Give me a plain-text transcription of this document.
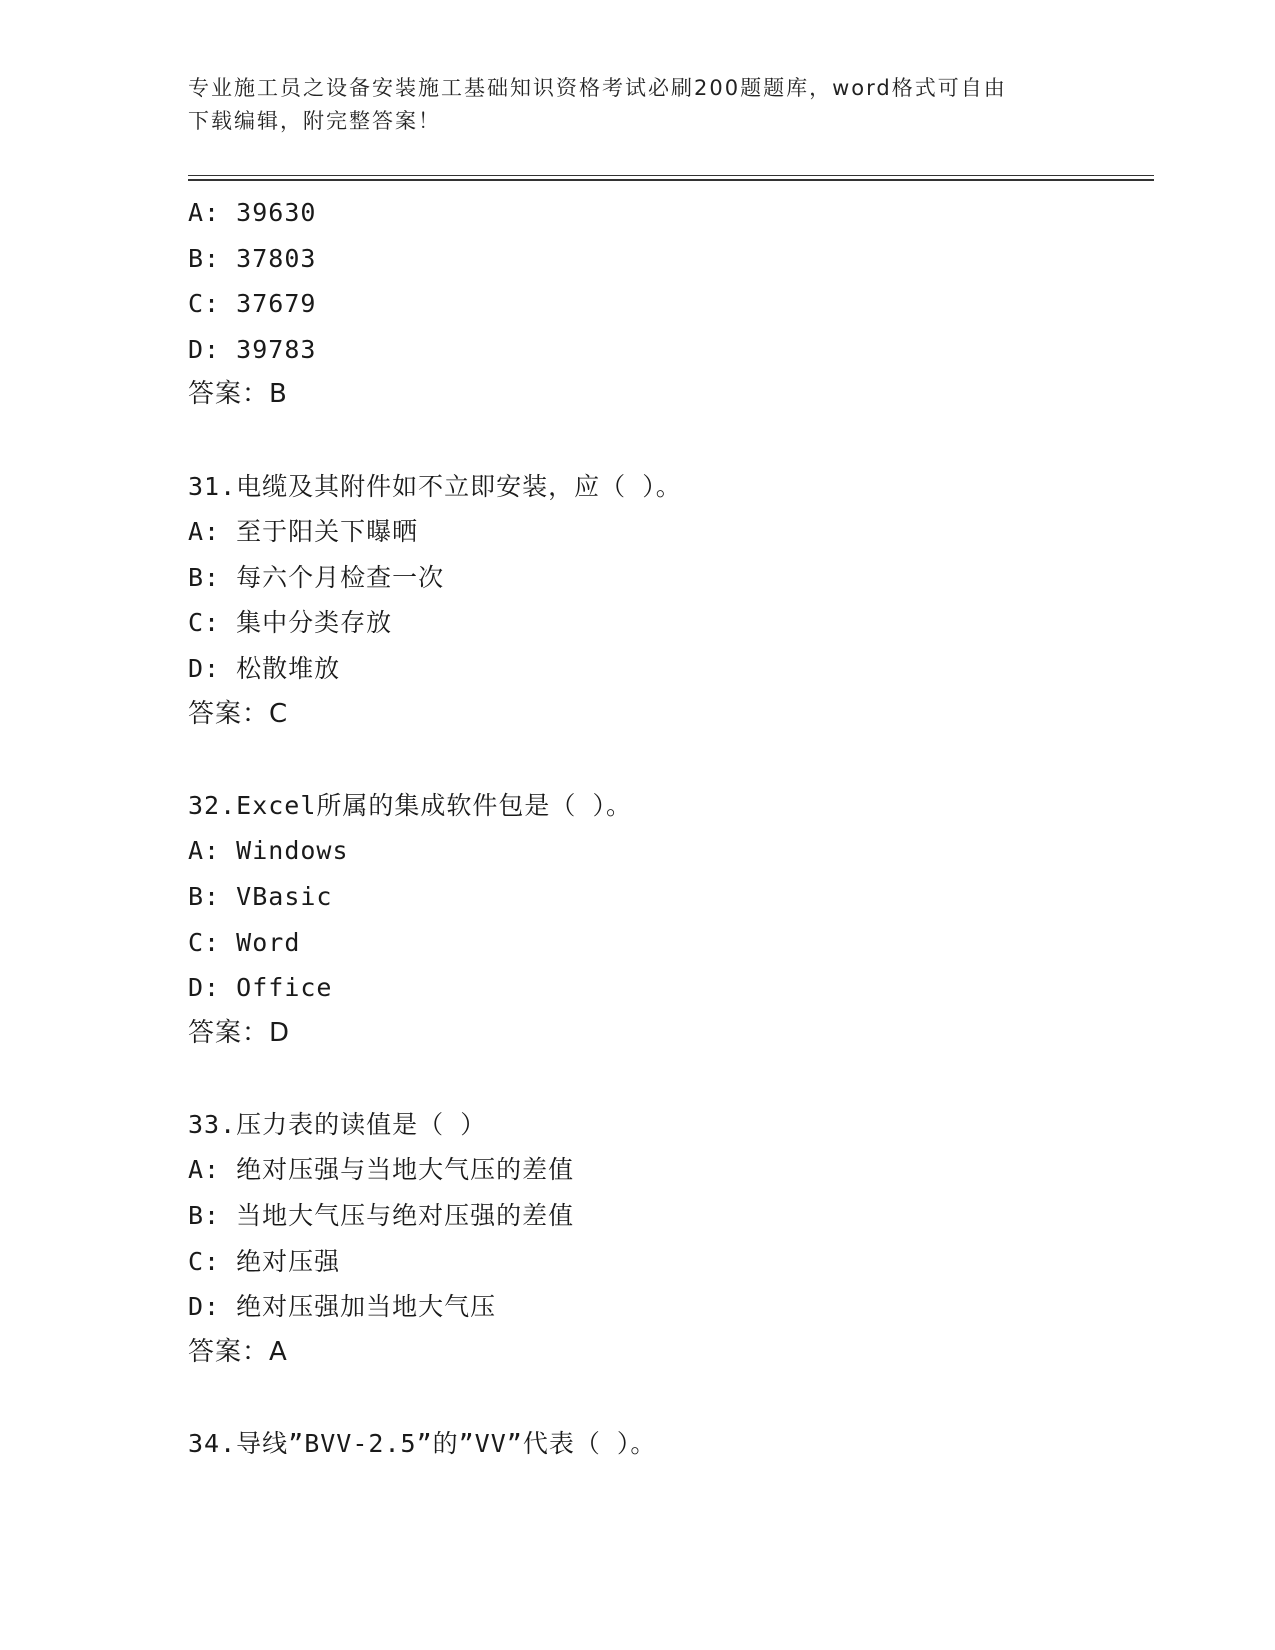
专业施工员之设备安装施工基础知识资格考试必刷200题题库，word格式可自由
下载编辑，附完整答案！
A: 39630
B: 37803
C: 37679
D: 39783
答案：B
31.电缆及其附件如不立即安装，应（ ）。
A: 至于阳关下曝晒
B: 每六个月检查一次
C: 集中分类存放
D: 松散堆放
答案：C
32.Excel所属的集成软件包是（ ）。
A: Windows
B: VBasic
C: Word
D: Office
答案：D
33.压力表的读值是（ ）
A: 绝对压强与当地大气压的差值
B: 当地大气压与绝对压强的差值
C: 绝对压强
D: 绝对压强加当地大气压
答案：A
34.导线”BVV-2.5”的”VV”代表（ ）。
